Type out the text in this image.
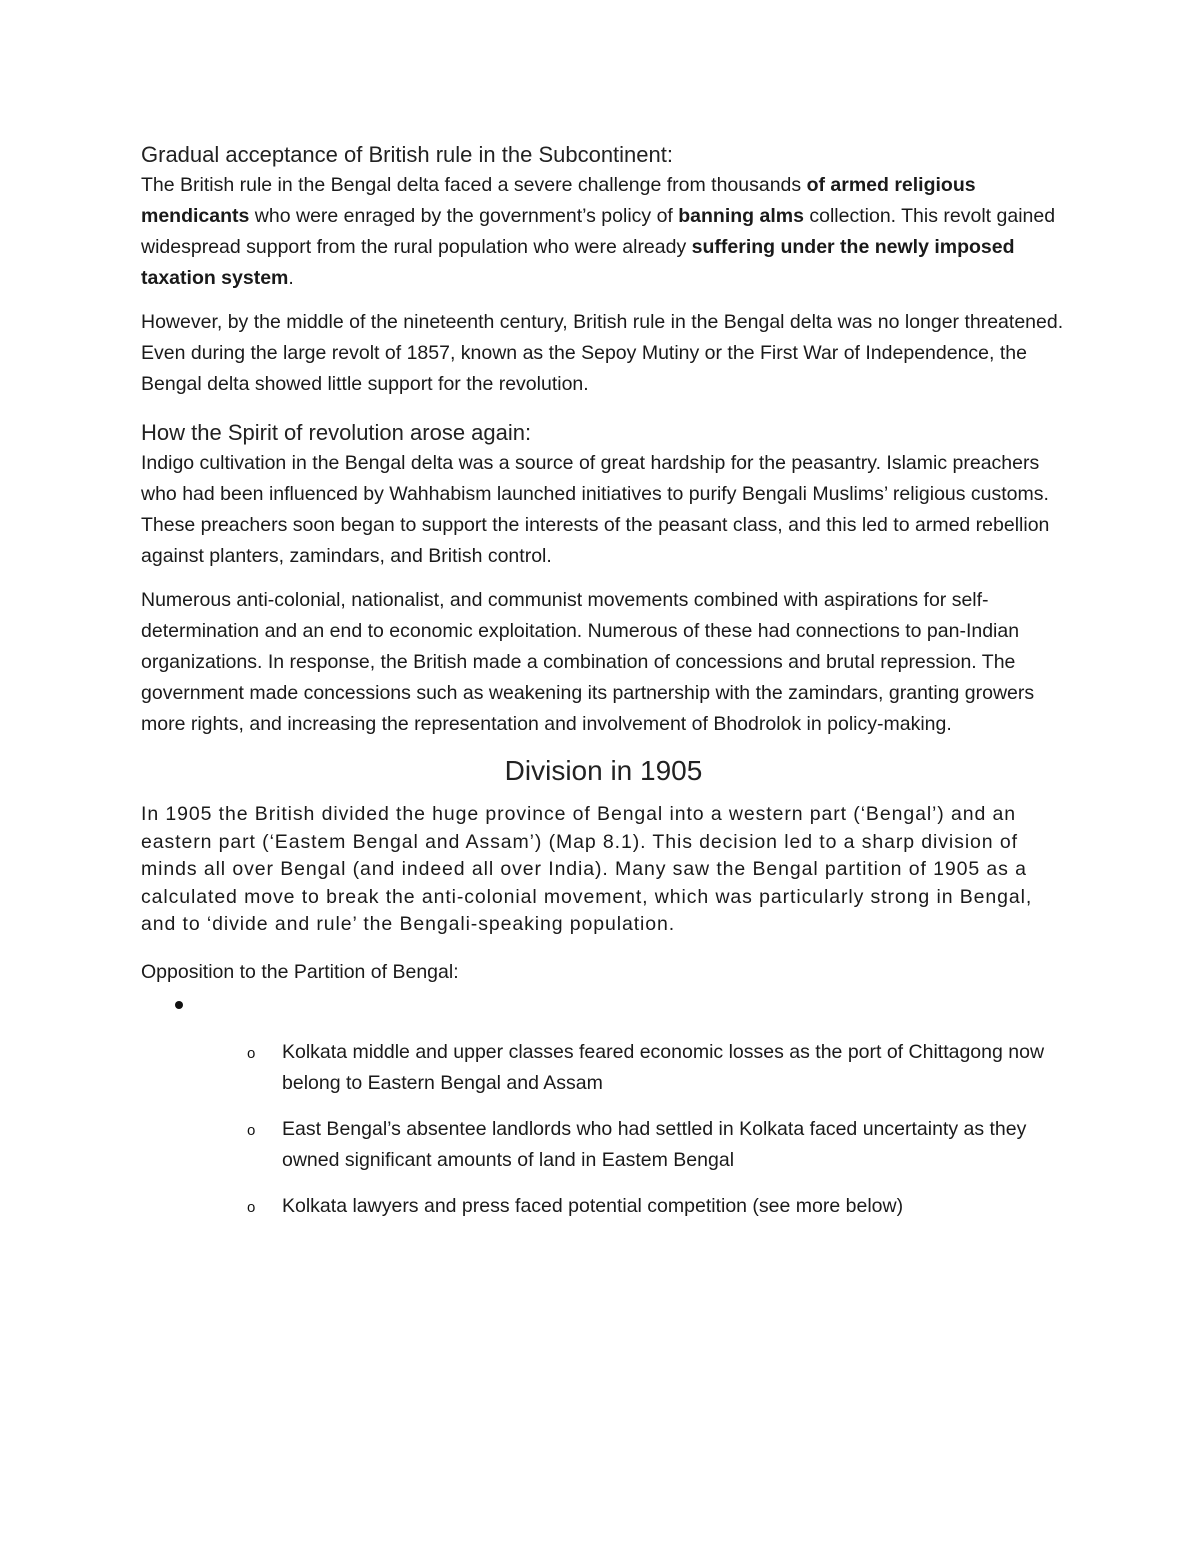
Gradual acceptance of British rule in the Subcontinent:

The British rule in the Bengal delta faced a severe challenge from thousands of armed religious mendicants who were enraged by the government’s policy of banning alms collection. This revolt gained widespread support from the rural population who were already suffering under the newly imposed taxation system.

However, by the middle of the nineteenth century, British rule in the Bengal delta was no longer threatened. Even during the large revolt of 1857, known as the Sepoy Mutiny or the First War of Independence, the Bengal delta showed little support for the revolution.

How the Spirit of revolution arose again:

Indigo cultivation in the Bengal delta was a source of great hardship for the peasantry. Islamic preachers who had been influenced by Wahhabism launched initiatives to purify Bengali Muslims’ religious customs. These preachers soon began to support the interests of the peasant class, and this led to armed rebellion against planters, zamindars, and British control.

Numerous anti-colonial, nationalist, and communist movements combined with aspirations for self-determination and an end to economic exploitation. Numerous of these had connections to pan-Indian organizations. In response, the British made a combination of concessions and brutal repression. The government made concessions such as weakening its partnership with the zamindars, granting growers more rights, and increasing the representation and involvement of Bhodrolok in policy-making.

Division in 1905

In 1905 the British divided the huge province of Bengal into a western part (‘Bengal’) and an eastern part (‘Eastem Bengal and Assam’) (Map 8.1). This decision led to a sharp division of minds all over Bengal (and indeed all over India). Many saw the Bengal partition of 1905 as a calculated move to break the anti-colonial movement, which was particularly strong in Bengal, and to ‘divide and rule’ the Bengali-speaking population.

Opposition to the Partition of Bengal:

o Kolkata middle and upper classes feared economic losses as the port of Chittagong now belong to Eastern Bengal and Assam
o East Bengal’s absentee landlords who had settled in Kolkata faced uncertainty as they owned significant amounts of land in Eastem Bengal
o Kolkata lawyers and press faced potential competition (see more below)
